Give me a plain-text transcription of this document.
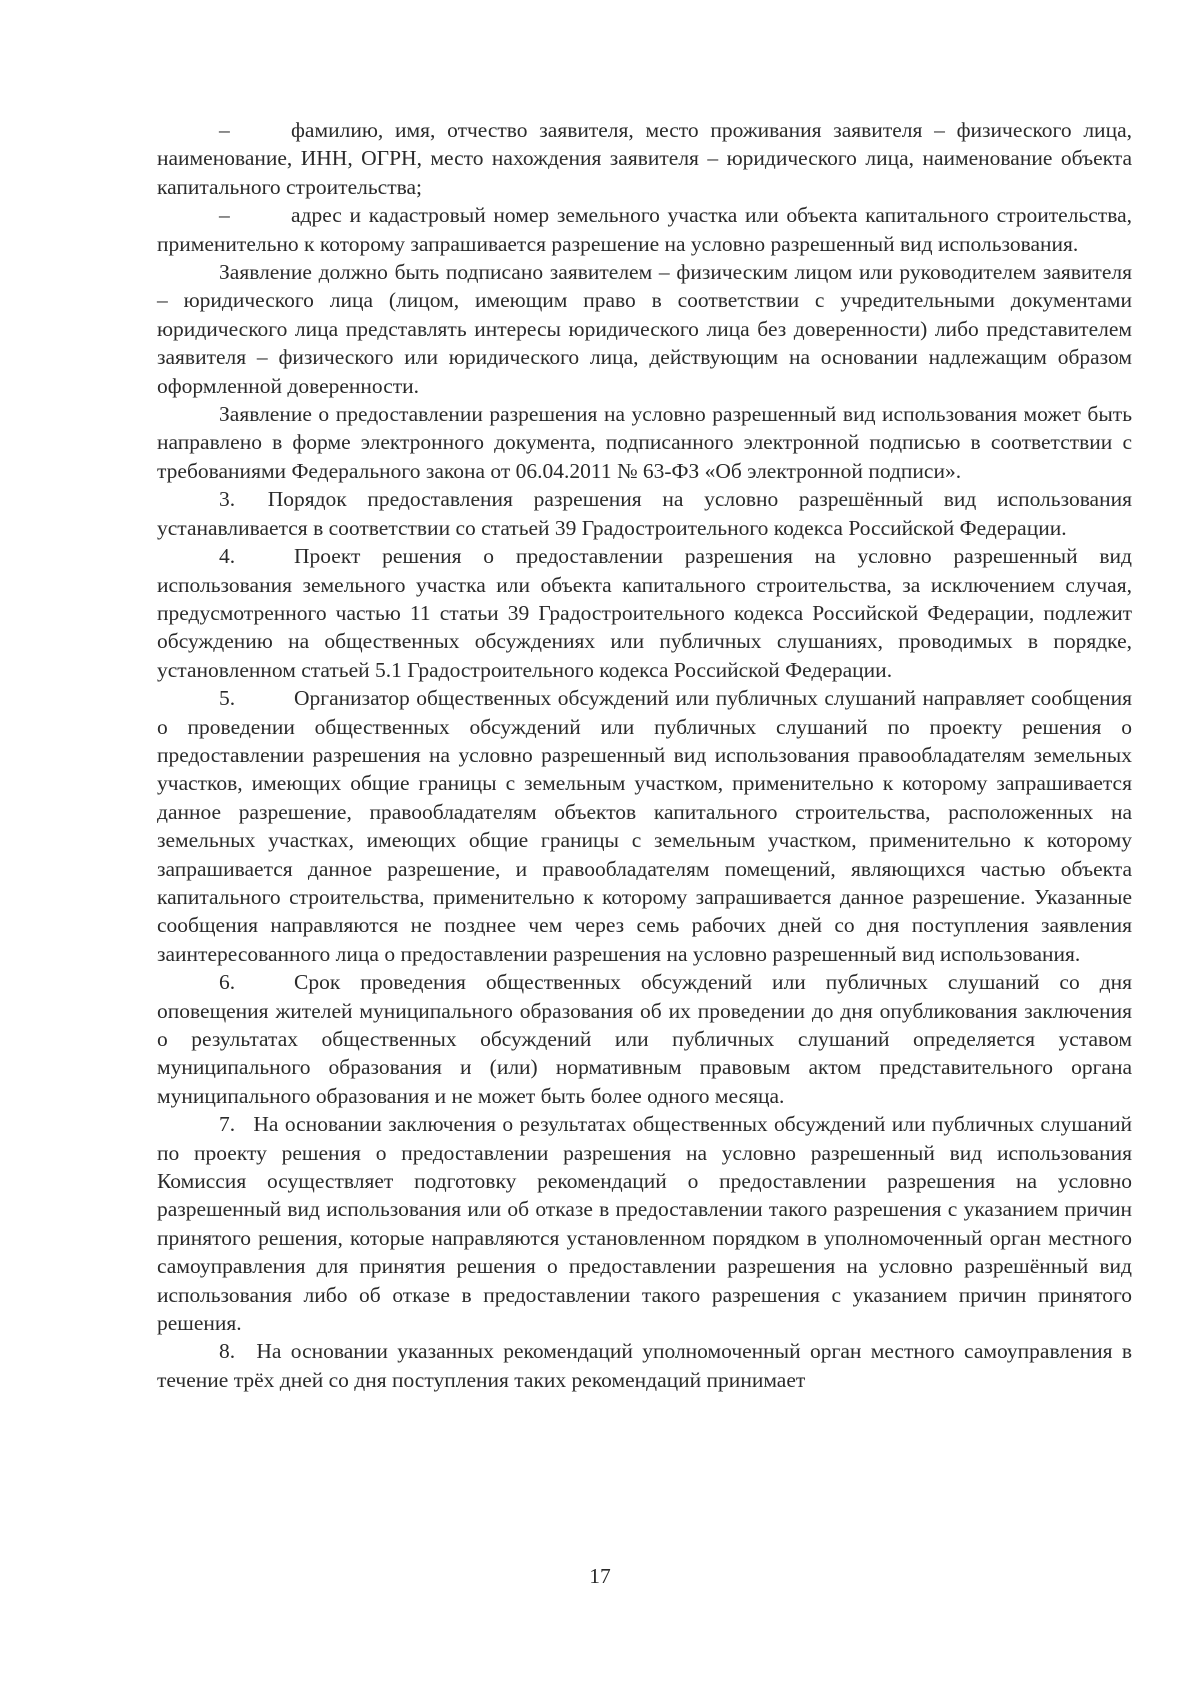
–	фамилию, имя, отчество заявителя, место проживания заявителя – физического лица, наименование, ИНН, ОГРН, место нахождения заявителя – юридического лица, наименование объекта капитального строительства;

–	адрес и кадастровый номер земельного участка или объекта капитального строительства, применительно к которому запрашивается разрешение на условно разрешенный вид использования.

Заявление должно быть подписано заявителем – физическим лицом или руководителем заявителя – юридического лица (лицом, имеющим право в соответствии с учредительными документами юридического лица представлять интересы юридического лица без доверенности) либо представителем заявителя – физического или юридического лица, действующим на основании надлежащим образом оформленной доверенности.

Заявление о предоставлении разрешения на условно разрешенный вид использования может быть направлено в форме электронного документа, подписанного электронной подписью в соответствии с требованиями Федерального закона от 06.04.2011 № 63-ФЗ «Об электронной подписи».

3. Порядок предоставления разрешения на условно разрешённый вид использования устанавливается в соответствии со статьей 39 Градостроительного кодекса Российской Федерации.

4.	Проект решения о предоставлении разрешения на условно разрешенный вид использования земельного участка или объекта капитального строительства, за исключением случая, предусмотренного частью 11 статьи 39 Градостроительного кодекса Российской Федерации, подлежит обсуждению на общественных обсуждениях или публичных слушаниях, проводимых в порядке, установленном статьей 5.1 Градостроительного кодекса Российской Федерации.

5.	Организатор общественных обсуждений или публичных слушаний направляет сообщения о проведении общественных обсуждений или публичных слушаний по проекту решения о предоставлении разрешения на условно разрешенный вид использования правообладателям земельных участков, имеющих общие границы с земельным участком, применительно к которому запрашивается данное разрешение, правообладателям объектов капитального строительства, расположенных на земельных участках, имеющих общие границы с земельным участком, применительно к которому запрашивается данное разрешение, и правообладателям помещений, являющихся частью объекта капитального строительства, применительно к которому запрашивается данное разрешение. Указанные сообщения направляются не позднее чем через семь рабочих дней со дня поступления заявления заинтересованного лица о предоставлении разрешения на условно разрешенный вид использования.

6.	Срок проведения общественных обсуждений или публичных слушаний со дня оповещения жителей муниципального образования об их проведении до дня опубликования заключения о результатах общественных обсуждений или публичных слушаний определяется уставом муниципального образования и (или) нормативным правовым актом представительного органа муниципального образования и не может быть более одного месяца.

7. На основании заключения о результатах общественных обсуждений или публичных слушаний по проекту решения о предоставлении разрешения на условно разрешенный вид использования Комиссия осуществляет подготовку рекомендаций о предоставлении разрешения на условно разрешенный вид использования или об отказе в предоставлении такого разрешения с указанием причин принятого решения, которые направляются установленном порядком в уполномоченный орган местного самоуправления для принятия решения о предоставлении разрешения на условно разрешённый вид использования либо об отказе в предоставлении такого разрешения с указанием причин принятого решения.

8. На основании указанных рекомендаций уполномоченный орган местного самоуправления в течение трёх дней со дня поступления таких рекомендаций принимает

17
